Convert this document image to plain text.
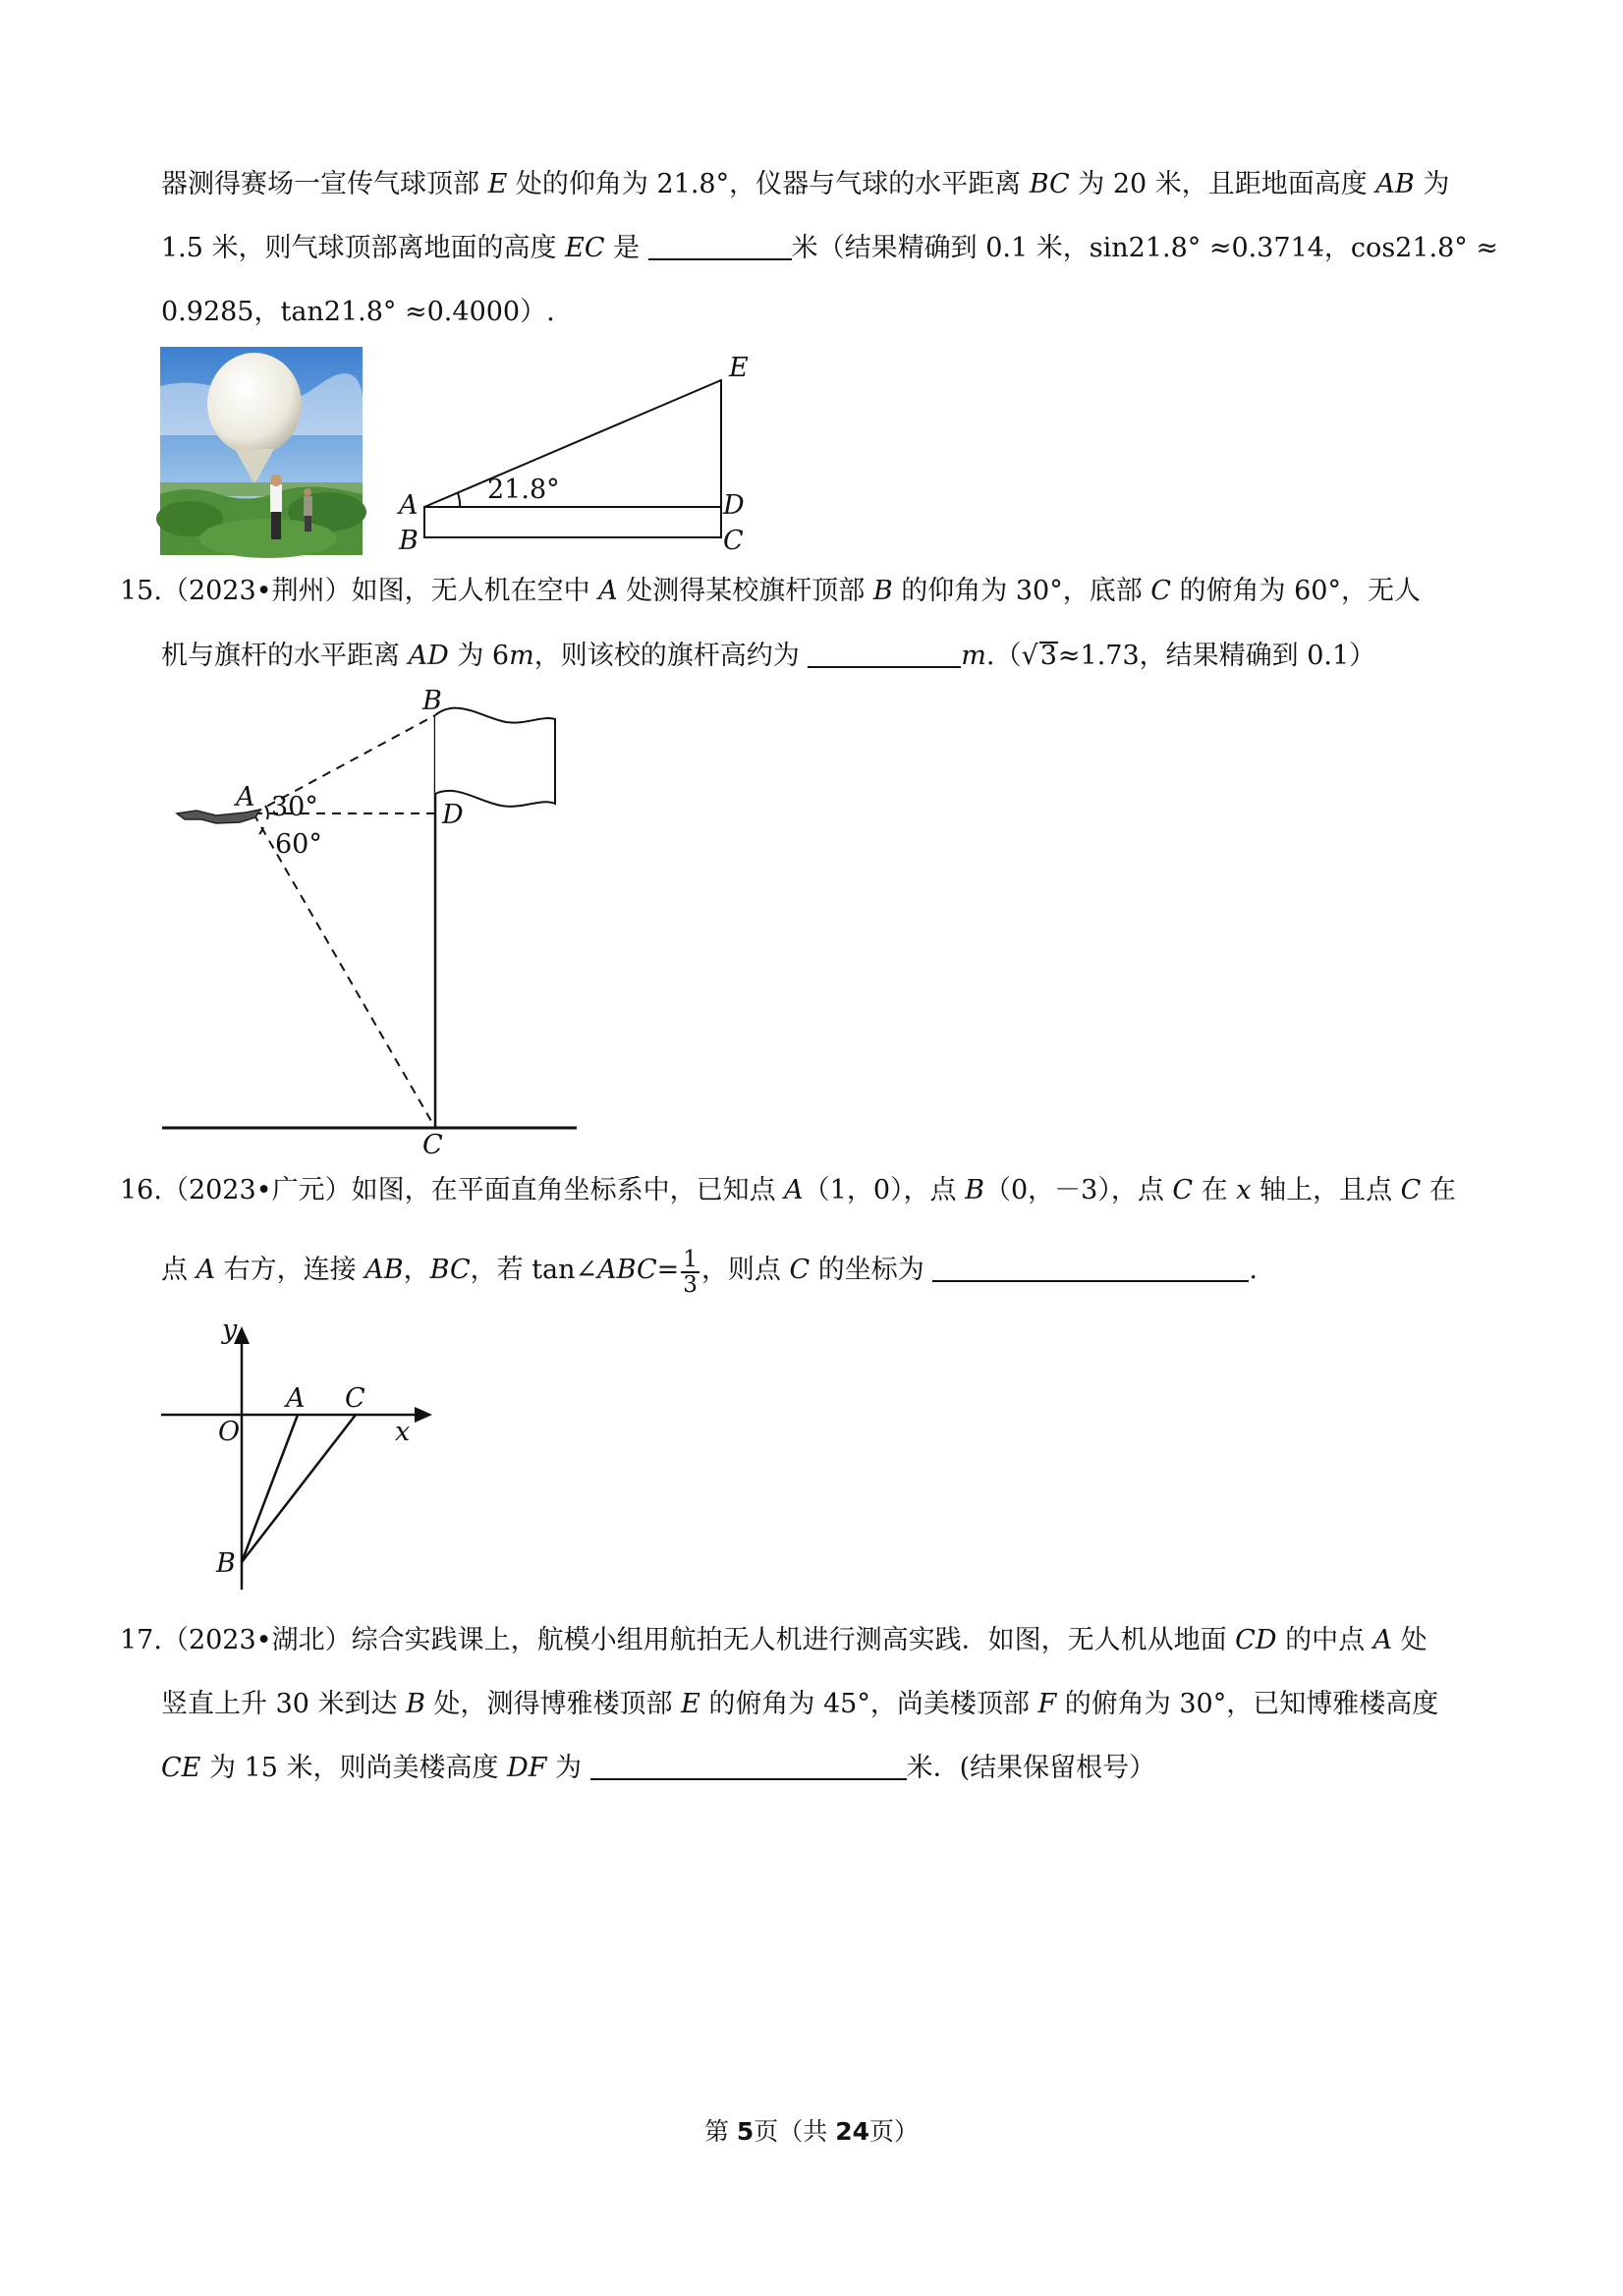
器测得赛场一宣传气球顶部 E 处的仰角为 21.8°，仪器与气球的水平距离 BC 为 20 米，且距地面高度 AB 为
1.5 米，则气球顶部离地面的高度 EC 是	米（结果精确到 0.1 米，sin21.8° ≈0.3714，cos21.8° ≈
0.9285，tan21.8° ≈0.4000）.
21.8°
E
A
B
D
C
15.（2023•荆州）如图，无人机在空中 A 处测得某校旗杆顶部 B 的仰角为 30°，底部 C 的俯角为 60°，无人
机与旗杆的水平距离 AD 为 6m，则该校的旗杆高约为	m.（√3≈1.73，结果精确到 0.1）
A 30°
60°
B
D
C
16.（2023•广元）如图，在平面直角坐标系中，已知点 A（1，0），点 B（0，－3），点 C 在 x 轴上，且点 C 在
点 A 右方，连接 AB，BC，若 tan∠ABC= $\frac{1}{3}$ ，则点 C 的坐标为	.
y
x
O
A C
B
17.（2023•湖北）综合实践课上，航模小组用航拍无人机进行测高实践．如图，无人机从地面 CD 的中点 A 处
竖直上升 30 米到达 B 处，测得博雅楼顶部 E 的俯角为 45°，尚美楼顶部 F 的俯角为 30°，已知博雅楼高度
CE 为 15 米，则尚美楼高度 DF 为	米．(结果保留根号）
第 5页（共 24页）
